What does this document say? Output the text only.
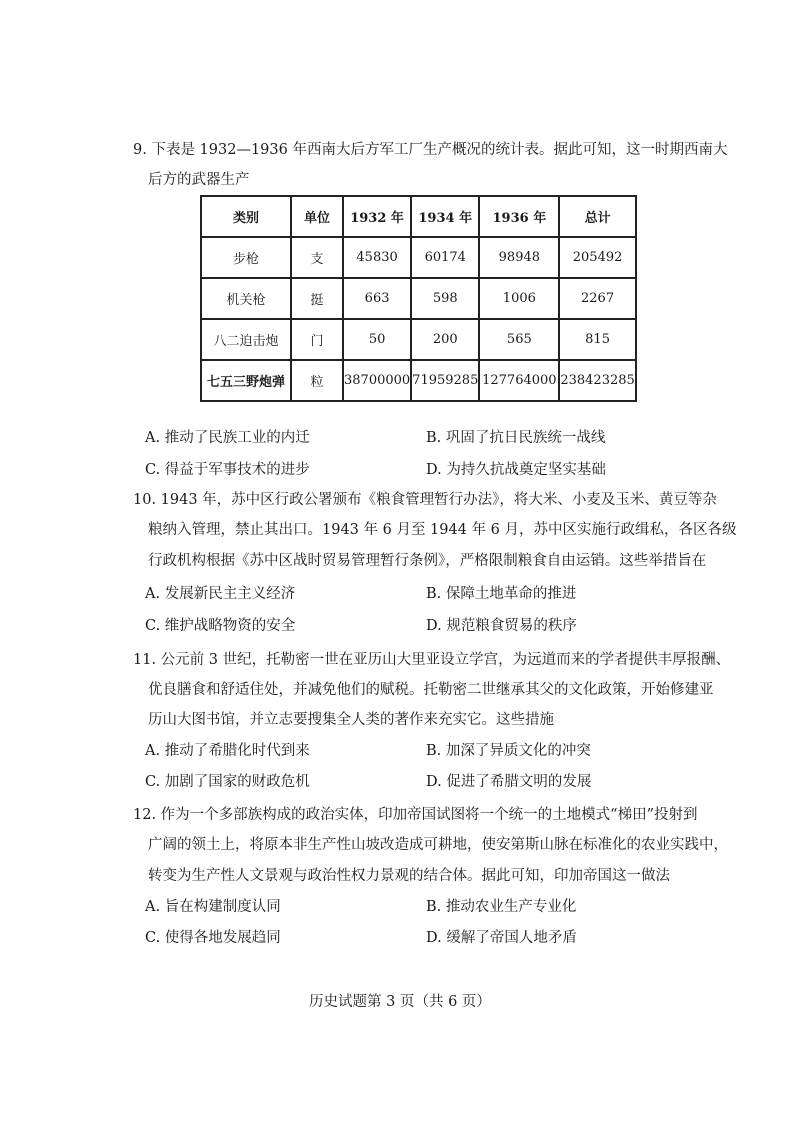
9. 下表是 1932—1936 年西南大后方军工厂生产概况的统计表。据此可知，这一时期西南大
后方的武器生产
类别	单位	1932 年	1934 年	1936 年	总计
步枪	支	45830	60174	98948	205492
机关枪	挺	663	598	1006	2267
八二迫击炮	门	50	200	565	815
七五三野炮弹	粒	38700000	71959285	127764000	238423285
A. 推动了民族工业的内迁	B. 巩固了抗日民族统一战线
C. 得益于军事技术的进步	D. 为持久抗战奠定坚实基础
10. 1943 年，苏中区行政公署颁布《粮食管理暂行办法》，将大米、小麦及玉米、黄豆等杂
粮纳入管理，禁止其出口。1943 年 6 月至 1944 年 6 月，苏中区实施行政缉私，各区各级
行政机构根据《苏中区战时贸易管理暂行条例》，严格限制粮食自由运销。这些举措旨在
A. 发展新民主主义经济	B. 保障土地革命的推进
C. 维护战略物资的安全	D. 规范粮食贸易的秩序
11. 公元前 3 世纪，托勒密一世在亚历山大里亚设立学宫，为远道而来的学者提供丰厚报酬、
优良膳食和舒适住处，并减免他们的赋税。托勒密二世继承其父的文化政策，开始修建亚
历山大图书馆，并立志要搜集全人类的著作来充实它。这些措施
A. 推动了希腊化时代到来	B. 加深了异质文化的冲突
C. 加剧了国家的财政危机	D. 促进了希腊文明的发展
12. 作为一个多部族构成的政治实体，印加帝国试图将一个统一的土地模式“梯田”投射到
广阔的领土上，将原本非生产性山坡改造成可耕地，使安第斯山脉在标准化的农业实践中，
转变为生产性人文景观与政治性权力景观的结合体。据此可知，印加帝国这一做法
A. 旨在构建制度认同	B. 推动农业生产专业化
C. 使得各地发展趋同	D. 缓解了帝国人地矛盾
历史试题第 3 页（共 6 页）
